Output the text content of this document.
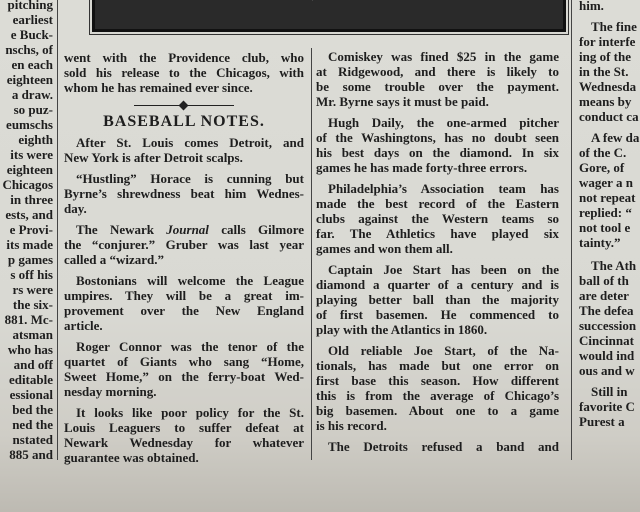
pitching
earliest
e Buck-
nschs, of
en each
eighteen
a draw.
so puz-
eumschs
eighth
its were
eighteen
Chicagos
in three
ests, and
e Provi-
its made
p games
s off his
rs were
the six-
881. Mc-
atsman
who has
and off
editable
essional
bed the
ned the
nstated
885 and
went with the Providence club, who
sold his release to the Chicagos, with
whom he has remained ever since.
BASEBALL NOTES.
After St. Louis comes Detroit, and
New York is after Detroit scalps.
“Hustling” Horace is cunning but
Byrne’s shrewdness beat him Wednes-
day.
The Newark Journal calls Gilmore
the “conjurer.” Gruber was last year
called a “wizard.”
Bostonians will welcome the League
umpires. They will be a great im-
provement over the New England
article.
Roger Connor was the tenor of the
quartet of Giants who sang “Home,
Sweet Home,” on the ferry-boat Wed-
nesday morning.
It looks like poor policy for the St.
Louis Leaguers to suffer defeat at
Newark Wednesday for whatever
guarantee was obtained.
Comiskey was fined $25 in the game
at Ridgewood, and there is likely to
be some trouble over the payment.
Mr. Byrne says it must be paid.
Hugh Daily, the one-armed pitcher
of the Washingtons, has no doubt seen
his best days on the diamond. In six
games he has made forty-three errors.
Philadelphia’s Association team has
made the best record of the Eastern
clubs against the Western teams so
far. The Athletics have played six
games and won them all.
Captain Joe Start has been on the
diamond a quarter of a century and is
playing better ball than the majority
of first basemen. He commenced to
play with the Atlantics in 1860.
Old reliable Joe Start, of the Na-
tionals, has made but one error on
first base this season. How different
this is from the average of Chicago’s
big basemen. About one to a game
is his record.
The Detroits refused a band and
him.
The fine
for interfe
ing of the
in the St.
Wednesda
means by
conduct ca
A few da
of the C.
Gore, of
wager a n
not repeat
replied: “
not tool e
tainty.”
The Ath
ball of th
are deter
The defea
succession
Cincinnat
would ind
ous and w
Still in
favorite C
Purest a
